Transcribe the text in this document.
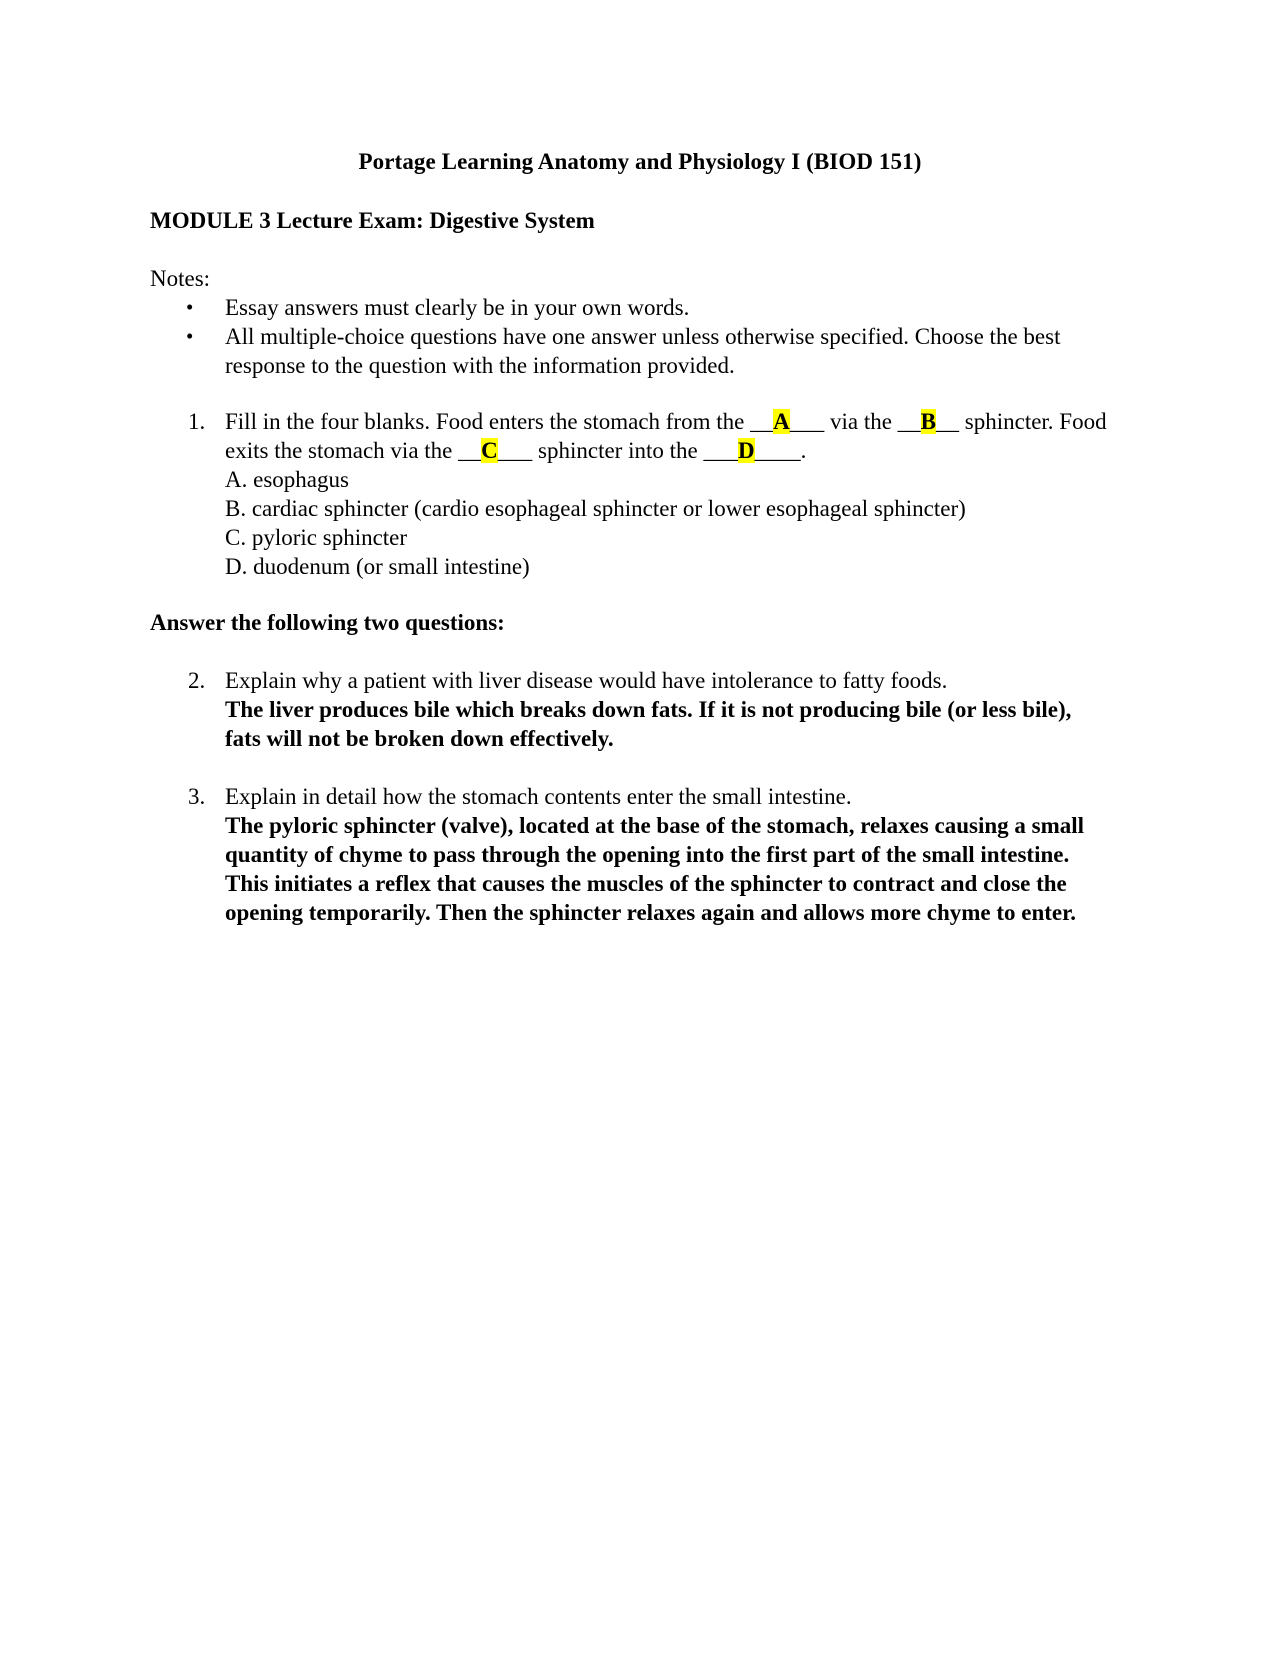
Portage Learning Anatomy and Physiology I (BIOD 151)
MODULE 3 Lecture Exam: Digestive System
Notes:
• Essay answers must clearly be in your own words.
• All multiple-choice questions have one answer unless otherwise specified. Choose the best response to the question with the information provided.
1. Fill in the four blanks. Food enters the stomach from the __A___ via the __B__ sphincter. Food exits the stomach via the __C___ sphincter into the ___D____.
A. esophagus
B. cardiac sphincter (cardio esophageal sphincter or lower esophageal sphincter)
C. pyloric sphincter
D. duodenum (or small intestine)
Answer the following two questions:
2. Explain why a patient with liver disease would have intolerance to fatty foods.
The liver produces bile which breaks down fats. If it is not producing bile (or less bile), fats will not be broken down effectively.
3. Explain in detail how the stomach contents enter the small intestine.
The pyloric sphincter (valve), located at the base of the stomach, relaxes causing a small quantity of chyme to pass through the opening into the first part of the small intestine. This initiates a reflex that causes the muscles of the sphincter to contract and close the opening temporarily. Then the sphincter relaxes again and allows more chyme to enter.
